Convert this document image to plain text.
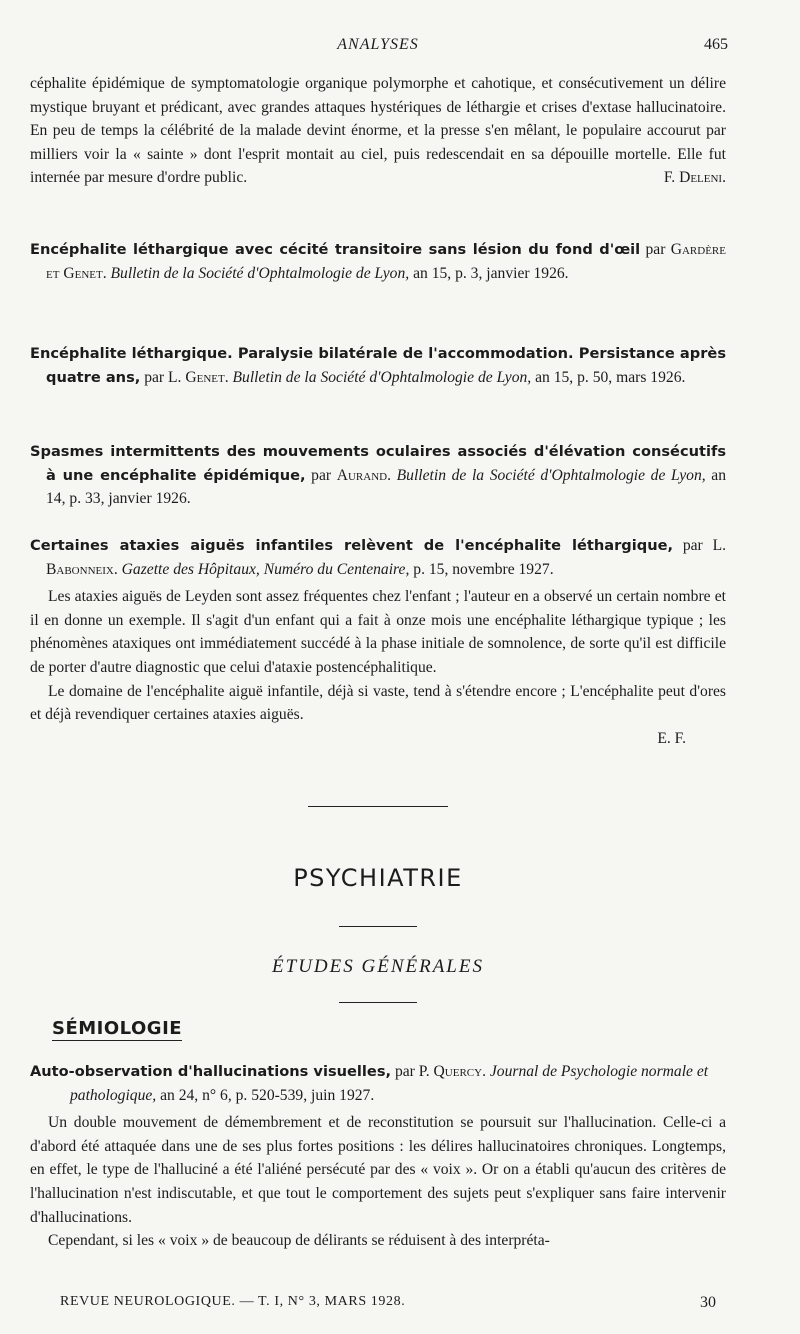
ANALYSES	465

céphalite épidémique de symptomatologie organique polymorphe et cahotique, et consécutivement un délire mystique bruyant et prédicant, avec grandes attaques hystériques de léthargie et crises d'extase hallucinatoire. En peu de temps la célébrité de la malade devint énorme, et la presse s'en mêlant, le populaire accourut par milliers voir la « sainte » dont l'esprit montait au ciel, puis redescendait en sa dépouille mortelle. Elle fut internée par mesure d'ordre public.	F. Deleni.

Encéphalite léthargique avec cécité transitoire sans lésion du fond d'œil par Gardère et Genet. Bulletin de la Société d'Ophtalmologie de Lyon, an 15, p. 3, janvier 1926.
Encéphalite léthargique. Paralysie bilatérale de l'accommodation. Persistance après quatre ans, par L. Genet. Bulletin de la Société d'Ophtalmologie de Lyon, an 15, p. 50, mars 1926.
Spasmes intermittents des mouvements oculaires associés d'élévation consécutifs à une encéphalite épidémique, par Aurand. Bulletin de la Société d'Ophtalmologie de Lyon, an 14, p. 33, janvier 1926.
Certaines ataxies aiguës infantiles relèvent de l'encéphalite léthargique, par L. Babonneix. Gazette des Hôpitaux, Numéro du Centenaire, p. 15, novembre 1927.

Les ataxies aiguës de Leyden sont assez fréquentes chez l'enfant ; l'auteur en a observé un certain nombre et il en donne un exemple. Il s'agit d'un enfant qui a fait à onze mois une encéphalite léthargique typique ; les phénomènes ataxiques ont immédiatement succédé à la phase initiale de somnolence, de sorte qu'il est difficile de porter d'autre diagnostic que celui d'ataxie postencéphalitique.

Le domaine de l'encéphalite aiguë infantile, déjà si vaste, tend à s'étendre encore ; L'encéphalite peut d'ores et déjà revendiquer certaines ataxies aiguës.

E. F.

PSYCHIATRIE
ÉTUDES GÉNÉRALES
SÉMIOLOGIE
Auto-observation d'hallucinations visuelles, par P. Quercy. Journal de Psychologie normale et pathologique, an 24, n° 6, p. 520-539, juin 1927.

Un double mouvement de démembrement et de reconstitution se poursuit sur l'hallucination. Celle-ci a d'abord été attaquée dans une de ses plus fortes positions : les délires hallucinatoires chroniques. Longtemps, en effet, le type de l'halluciné a été l'aliéné persécuté par des « voix ». Or on a établi qu'aucun des critères de l'hallucination n'est indiscutable, et que tout le comportement des sujets peut s'expliquer sans faire intervenir d'hallucinations.

Cependant, si les « voix » de beaucoup de délirants se réduisent à des interpréta-

REVUE NEUROLOGIQUE. — T. I, N° 3, MARS 1928.	30
